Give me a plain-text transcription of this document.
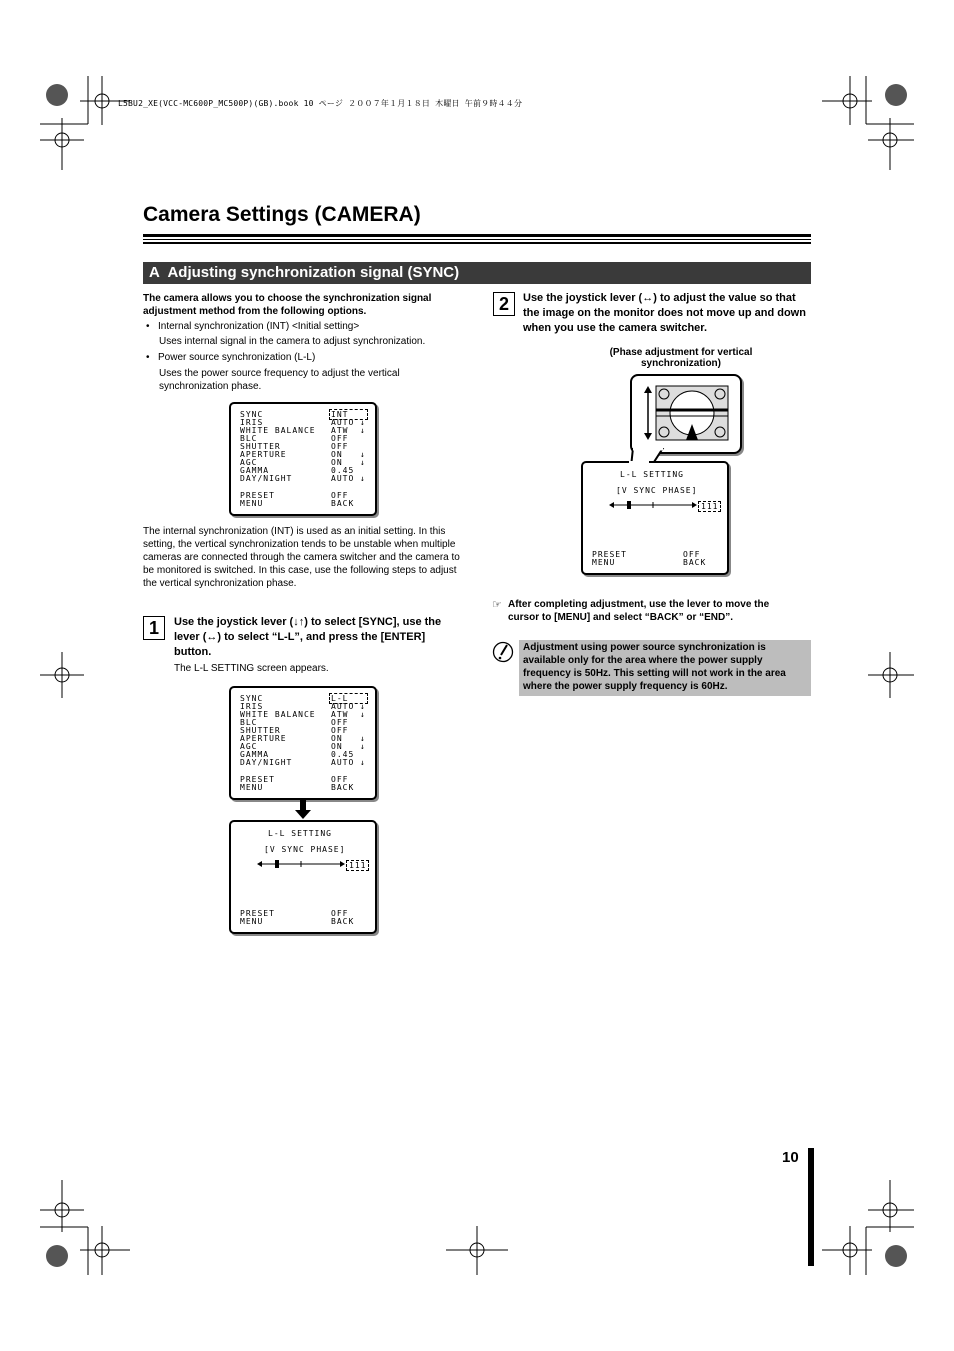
L5BU2_XE(VCC-MC600P_MC500P)(GB).book 10 ページ ２００７年１月１８日 木曜日 午前９時４４分
Camera Settings (CAMERA)
A Adjusting synchronization signal (SYNC)
The camera allows you to choose the synchronization signal adjustment method from the following options.
• Internal synchronization (INT) <Initial setting>
Uses internal signal in the camera to adjust synchronization.
• Power source synchronization (L-L)
Uses the power source frequency to adjust the vertical synchronization phase.
SYNC	INT
IRIS	AUTO ↓
WHITE BALANCE ATW ↓
BLC	OFF
SHUTTER	OFF
APERTURE	ON ↓
AGC	ON ↓
GAMMA	0.45
DAY/NIGHT	AUTO ↓
PRESET	OFF
MENU	BACK
The internal synchronization (INT) is used as an initial setting. In this setting, the vertical synchronization tends to be unstable when multiple cameras are connected through the camera switcher and the camera to be monitored is switched. In this case, use the following steps to adjust the vertical synchronization phase.
1	Use the joystick lever (↓↑) to select [SYNC], use the lever (↔) to select “L-L”, and press the [ENTER] button.
The L-L SETTING screen appears.
SYNC	L-L
IRIS	AUTO ↓
WHITE BALANCE ATW ↓
BLC	OFF
SHUTTER	OFF
APERTURE	ON ↓
AGC	ON ↓
GAMMA	0.45
DAY/NIGHT	AUTO ↓
PRESET	OFF
MENU	BACK
L-L SETTING
[V SYNC PHASE]
111
PRESET	OFF
MENU	BACK
2	Use the joystick lever (↔) to adjust the value so that the image on the monitor does not move up and down when you use the camera switcher.
(Phase adjustment for vertical synchronization)
L-L SETTING
[V SYNC PHASE]
111
PRESET	OFF
MENU	BACK
☞ After completing adjustment, use the lever to move the cursor to [MENU] and select “BACK” or “END”.
Adjustment using power source synchronization is available only for the area where the power supply frequency is 50Hz. This setting will not work in the area where the power supply frequency is 60Hz.
10
